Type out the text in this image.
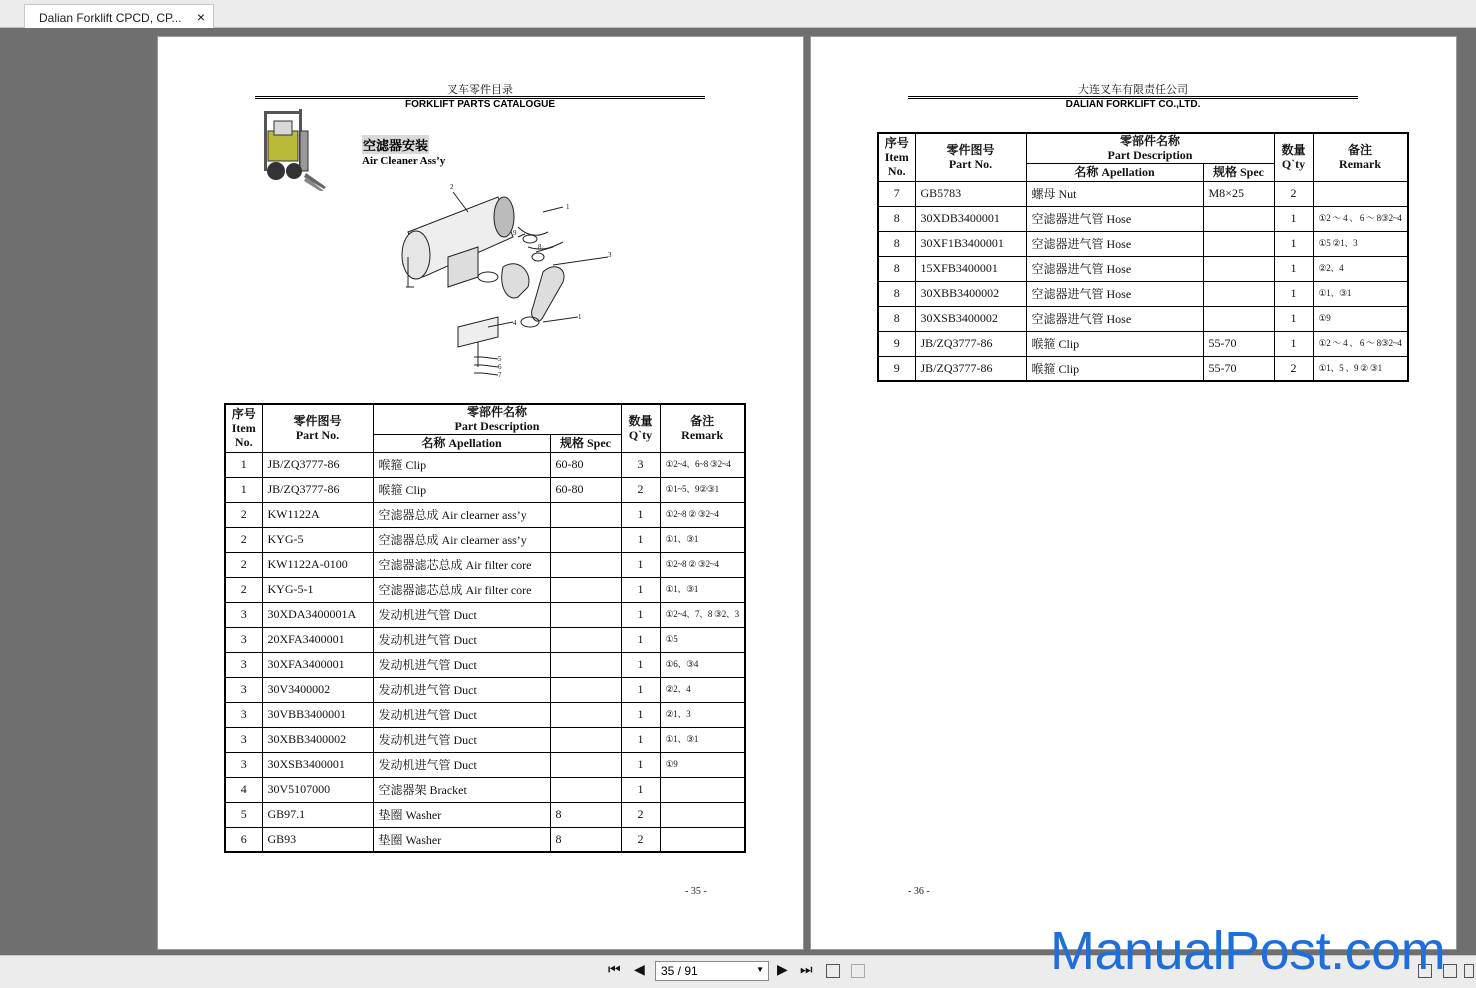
Dalian Forklift CPCD, CP... ×
叉车零件目录
FORKLIFT PARTS CATALOGUE
空滤器安装
Air Cleaner Ass’y
2
1
9
8
3
1
4
5
6
7
序号
Item
No.	零件图号
Part No.	零部件名称
Part Description		数量
Q`ty	备注
Remark
		名称 Apellation	规格 Spec		
1	JB/ZQ3777-86	喉箍 Clip	60-80	3	①2~4、6~8 ③2~4
1	JB/ZQ3777-86	喉箍 Clip	60-80	2	①1~5、9②③1
2	KW1122A	空滤器总成 Air clearner ass’y		1	①2~8 ② ③2~4
2	KYG-5	空滤器总成 Air clearner ass’y		1	①1、③1
2	KW1122A-0100	空滤器滤芯总成 Air filter core		1	①2~8 ② ③2~4
2	KYG-5-1	空滤器滤芯总成 Air filter core		1	①1、③1
3	30XDA3400001A	发动机进气管 Duct		1	①2~4、7、8 ③2、3
3	20XFA3400001	发动机进气管 Duct		1	①5
3	30XFA3400001	发动机进气管 Duct		1	①6、③4
3	30V3400002	发动机进气管 Duct		1	②2、4
3	30VBB3400001	发动机进气管 Duct		1	②1、3
3	30XBB3400002	发动机进气管 Duct		1	①1、③1
3	30XSB3400001	发动机进气管 Duct		1	①9
4	30V5107000	空滤器架 Bracket		1	
5	GB97.1	垫圈 Washer	8	2	
6	GB93	垫圈 Washer	8	2	
- 35 -
大连叉车有限责任公司
DALIAN FORKLIFT CO.,LTD.
序号
Item
No.	零件图号
Part No.	零部件名称
Part Description		数量
Q`ty	备注
Remark
		名称 Apellation	规格 Spec		
7	GB5783	螺母 Nut	M8×25	2	
8	30XDB3400001	空滤器进气管 Hose		1	①2 ～ 4 、 6 ～ 8③2~4
8	30XF1B3400001	空滤器进气管 Hose		1	①5 ②1、3
8	15XFB3400001	空滤器进气管 Hose		1	②2、4
8	30XBB3400002	空滤器进气管 Hose		1	①1、③1
8	30XSB3400002	空滤器进气管 Hose		1	①9
9	JB/ZQ3777-86	喉箍 Clip	55-70	1	①2 ～ 4 、 6 ～ 8③2~4
9	JB/ZQ3777-86	喉箍 Clip	55-70	2	①1、5 、9 ② ③1
- 36 -
⏮ ◀	35 / 91	▼ ▶ ⏭	ManualPost.com
